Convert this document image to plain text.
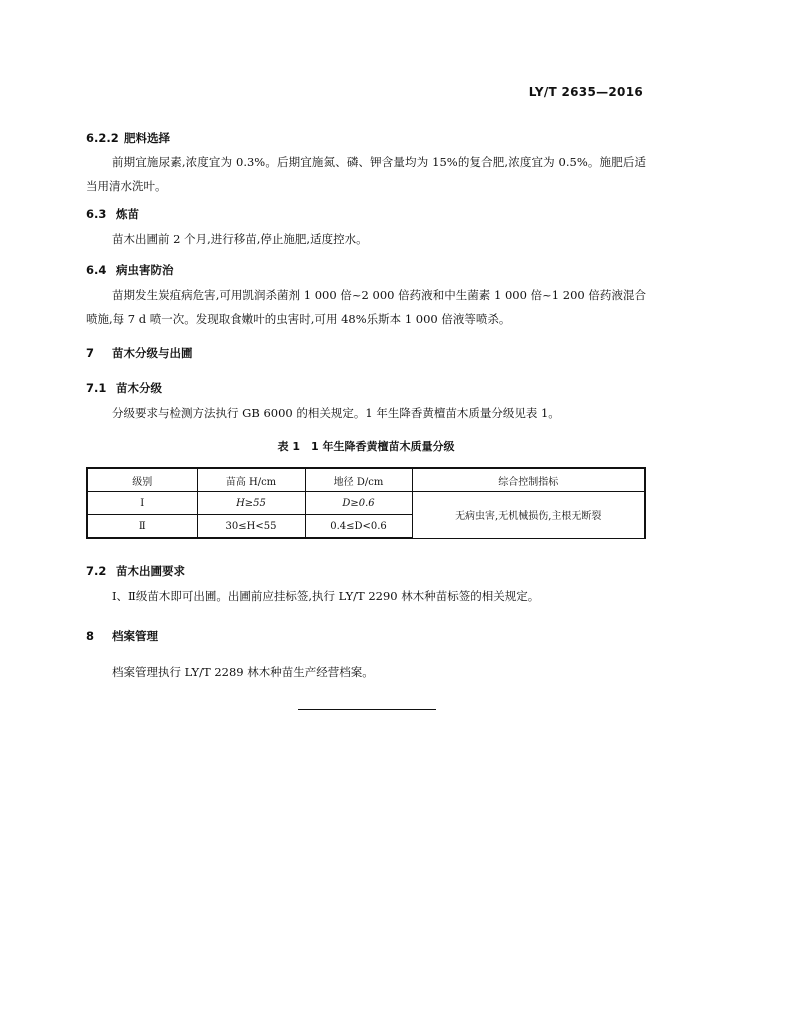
LY/T 2635—2016
6.2.2 肥料选择

前期宜施尿素,浓度宜为 0.3%。后期宜施氮、磷、钾含量均为 15%的复合肥,浓度宜为 0.5%。施肥后适当用清水洗叶。

6.3 炼苗

苗木出圃前 2 个月,进行移苗,停止施肥,适度控水。

6.4 病虫害防治

苗期发生炭疽病危害,可用凯润杀菌剂 1 000 倍~2 000 倍药液和中生菌素 1 000 倍~1 200 倍药液混合喷施,每 7 d 喷一次。发现取食嫩叶的虫害时,可用 48%乐斯本 1 000 倍液等喷杀。

7 苗木分级与出圃
7.1 苗木分级

分级要求与检测方法执行 GB 6000 的相关规定。1 年生降香黄檀苗木质量分级见表 1。

表 1　1 年生降香黄檀苗木质量分级
级别	苗高 H/cm	地径 D/cm	综合控制指标
Ⅰ	H≥55	D≥0.6	无病虫害,无机械损伤,主根无断裂
Ⅱ	30≤H<55	0.4≤D<0.6	
7.2 苗木出圃要求

Ⅰ、Ⅱ级苗木即可出圃。出圃前应挂标签,执行 LY/T 2290 林木种苗标签的相关规定。

8 档案管理

档案管理执行 LY/T 2289 林木种苗生产经营档案。
